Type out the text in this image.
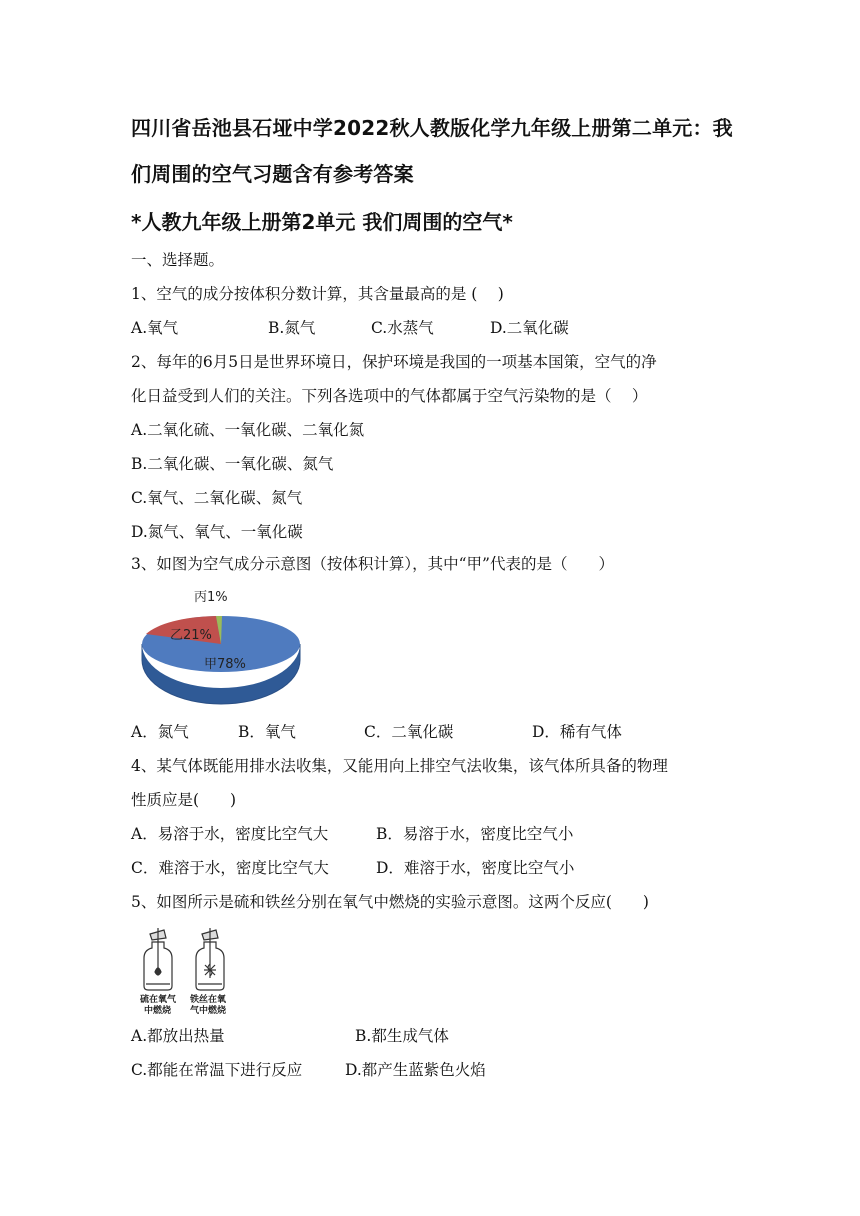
四川省岳池县石垭中学2022秋人教版化学九年级上册第二单元：我
们周围的空气习题含有参考答案
*人教九年级上册第2单元 我们周围的空气*
一、选择题。
1、空气的成分按体积分数计算，其含量最高的是 (　 )
A.氧气	B.氮气	C.水蒸气	D.二氧化碳
2、每年的6月5日是世界环境日，保护环境是我国的一项基本国策，空气的净
化日益受到人们的关注。下列各选项中的气体都属于空气污染物的是（　 ）
A.二氧化硫、一氧化碳、二氧化氮
B.二氧化碳、一氧化碳、氮气
C.氧气、二氧化碳、氮气
D.氮气、氧气、一氧化碳
3、如图为空气成分示意图（按体积计算），其中“甲”代表的是（　　）
丙1%
乙21%
甲78%
A．氮气	B．氧气	C．二氧化碳	D．稀有气体
4、某气体既能用排水法收集，又能用向上排空气法收集，该气体所具备的物理
性质应是(　　)
A．易溶于水，密度比空气大	B．易溶于水，密度比空气小
C．难溶于水，密度比空气大	D．难溶于水，密度比空气小
5、如图所示是硫和铁丝分别在氧气中燃烧的实验示意图。这两个反应(　　)
硫在氧气
中燃烧
铁丝在氧
气中燃烧
A.都放出热量	B.都生成气体
C.都能在常温下进行反应	D.都产生蓝紫色火焰
